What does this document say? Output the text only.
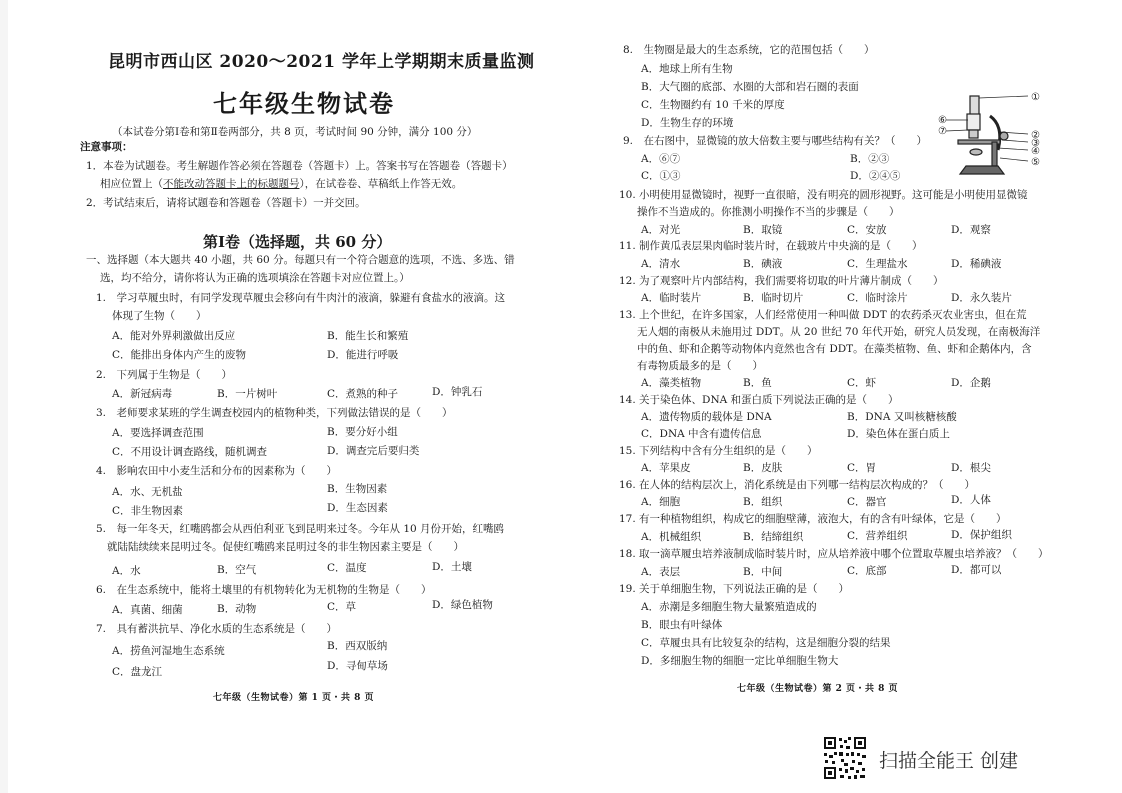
昆明市西山区 2020～2021 学年上学期期末质量监测
七年级生物试卷
（本试卷分第Ⅰ卷和第Ⅱ卷两部分，共 8 页，考试时间 90 分钟，满分 100 分）
注意事项：
1．本卷为试题卷。考生解题作答必须在答题卷（答题卡）上。答案书写在答题卷（答题卡）
相应位置上（不能改动答题卡上的标题题号），在试卷卷、草稿纸上作答无效。
2．考试结束后，请将试题卷和答题卷（答题卡）一并交回。
第Ⅰ卷（选择题，共 60 分）
一、选择题（本大题共 40 小题，共 60 分。每题只有一个符合题意的选项，不选、多选、错
选，均不给分，请你将认为正确的选项填涂在答题卡对应位置上。）
1.　学习草履虫时，有同学发现草履虫会移向有牛肉汁的液滴，躲避有食盐水的液滴。这
体现了生物（　　）
A．能对外界刺激做出反应	B．能生长和繁殖
C．能排出身体内产生的废物	D．能进行呼吸
2.　下列属于生物是（　　）
A．新冠病毒	B．一片树叶	C．煮熟的种子	D．钟乳石
3.　老师要求某班的学生调查校园内的植物种类，下列做法错误的是（　　）
A．要选择调查范围	B．要分好小组
C．不用设计调查路线，随机调查	D．调查完后要归类
4.　影响农田中小麦生活和分布的因素称为（　　）
A．水、无机盐	B．生物因素
C．非生物因素	D．生态因素
5.　每一年冬天，红嘴鸥都会从西伯利亚飞到昆明来过冬。今年从 10 月份开始，红嘴鸥
就陆陆续续来昆明过冬。促使红嘴鸥来昆明过冬的非生物因素主要是（　　）
A．水	B．空气	C．温度	D．土壤
6.　在生态系统中，能将土壤里的有机物转化为无机物的生物是（　　）
A．真菌、细菌	B．动物	C．草	D．绿色植物
7.　具有蓄洪抗旱、净化水质的生态系统是（　　）
A．捞鱼河湿地生态系统	B．西双版纳
C．盘龙江	D．寻甸草场
七年级（生物试卷）第 1 页・共 8 页
8.　生物圈是最大的生态系统，它的范围包括（　　）
A．地球上所有生物
B．大气圈的底部、水圈的大部和岩石圈的表面
C．生物圈约有 10 千米的厚度
D．生物生存的环境
9.　在右图中，显微镜的放大倍数主要与哪些结构有关？（　　）
A．⑥⑦	B．②③
C．①③	D．②④⑤
①
②
③
④
⑤
⑥
⑦
10. 小明使用显微镜时，视野一直很暗，没有明亮的圆形视野。这可能是小明使用显微镜
操作不当造成的。你推测小明操作不当的步骤是（　　）
A．对光	B．取镜	C．安放	D．观察
11. 制作黄瓜表层果肉临时装片时，在载玻片中央滴的是（　　）
A．清水	B．碘液	C．生理盐水	D．稀碘液
12. 为了观察叶片内部结构，我们需要将切取的叶片薄片制成（　　）
A．临时装片	B．临时切片	C．临时涂片	D．永久装片
13. 上个世纪，在许多国家，人们经常使用一种叫做 DDT 的农药杀灭农业害虫，但在荒
无人烟的南极从未施用过 DDT。从 20 世纪 70 年代开始，研究人员发现，在南极海洋
中的鱼、虾和企鹅等动物体内竟然也含有 DDT。在藻类植物、鱼、虾和企鹅体内，含
有毒物质最多的是（　　）
A．藻类植物	B．鱼	C．虾	D．企鹅
14. 关于染色体、DNA 和蛋白质下列说法正确的是（　　）
A．遗传物质的载体是 DNA	B．DNA 又叫核糖核酸
C．DNA 中含有遗传信息	D．染色体在蛋白质上
15. 下列结构中含有分生组织的是（　　）
A．苹果皮	B．皮肤	C．胃	D．根尖
16. 在人体的结构层次上，消化系统是由下列哪一结构层次构成的？（　　）
A．细胞	B．组织	C．器官	D．人体
17. 有一种植物组织，构成它的细胞壁薄，液泡大，有的含有叶绿体，它是（　　）
A．机械组织	B．结缔组织	C．营养组织	D．保护组织
18. 取一滴草履虫培养液制成临时装片时，应从培养液中哪个位置取草履虫培养液？（　　）
A．表层	B．中间	C．底部	D．都可以
19. 关于单细胞生物，下列说法正确的是（　　）
A．赤潮是多细胞生物大量繁殖造成的
B．眼虫有叶绿体
C．草履虫具有比较复杂的结构，这是细胞分裂的结果
D．多细胞生物的细胞一定比单细胞生物大
七年级（生物试卷）第 2 页・共 8 页
扫描全能王 创建
